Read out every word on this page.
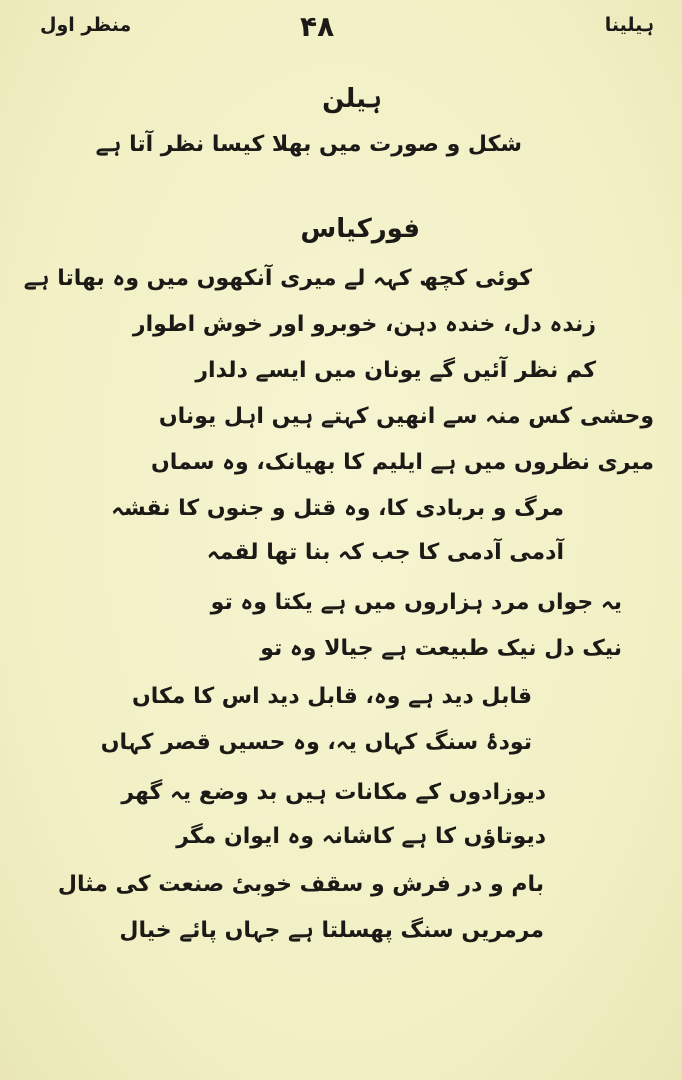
ہیلینا
۴۸
منظر اول
ہیلن
شکل و صورت میں بھلا کیسا نظر آتا ہے
فورکیاس
کوئی کچھ کہہ لے میری آنکھوں میں وہ بھاتا ہے
زندہ دل، خندہ دہن، خوبرو اور خوش اطوار
کم نظر آئیں گے یونان میں ایسے دلدار
وحشی کس منہ سے انھیں کہتے ہیں اہل یوناں
میری نظروں میں ہے ایلیم کا بھیانک، وہ سماں
مرگ و بربادی کا، وہ قتل و جنوں کا نقشہ
آدمی آدمی کا جب کہ بنا تھا لقمہ
یہ جواں مرد ہزاروں میں ہے یکتا وہ تو
نیک دل نیک طبیعت ہے جیالا وہ تو
قابل دید ہے وہ، قابل دید اس کا مکاں
تودۂ سنگ کہاں یہ، وہ حسیں قصر کہاں
دیوزادوں کے مکانات ہیں بد وضع یہ گھر
دیوتاؤں کا ہے کاشانہ وہ ایوان مگر
بام و در فرش و سقف خوبیٔ صنعت کی مثال
مرمریں سنگ پھسلتا ہے جہاں پائے خیال
